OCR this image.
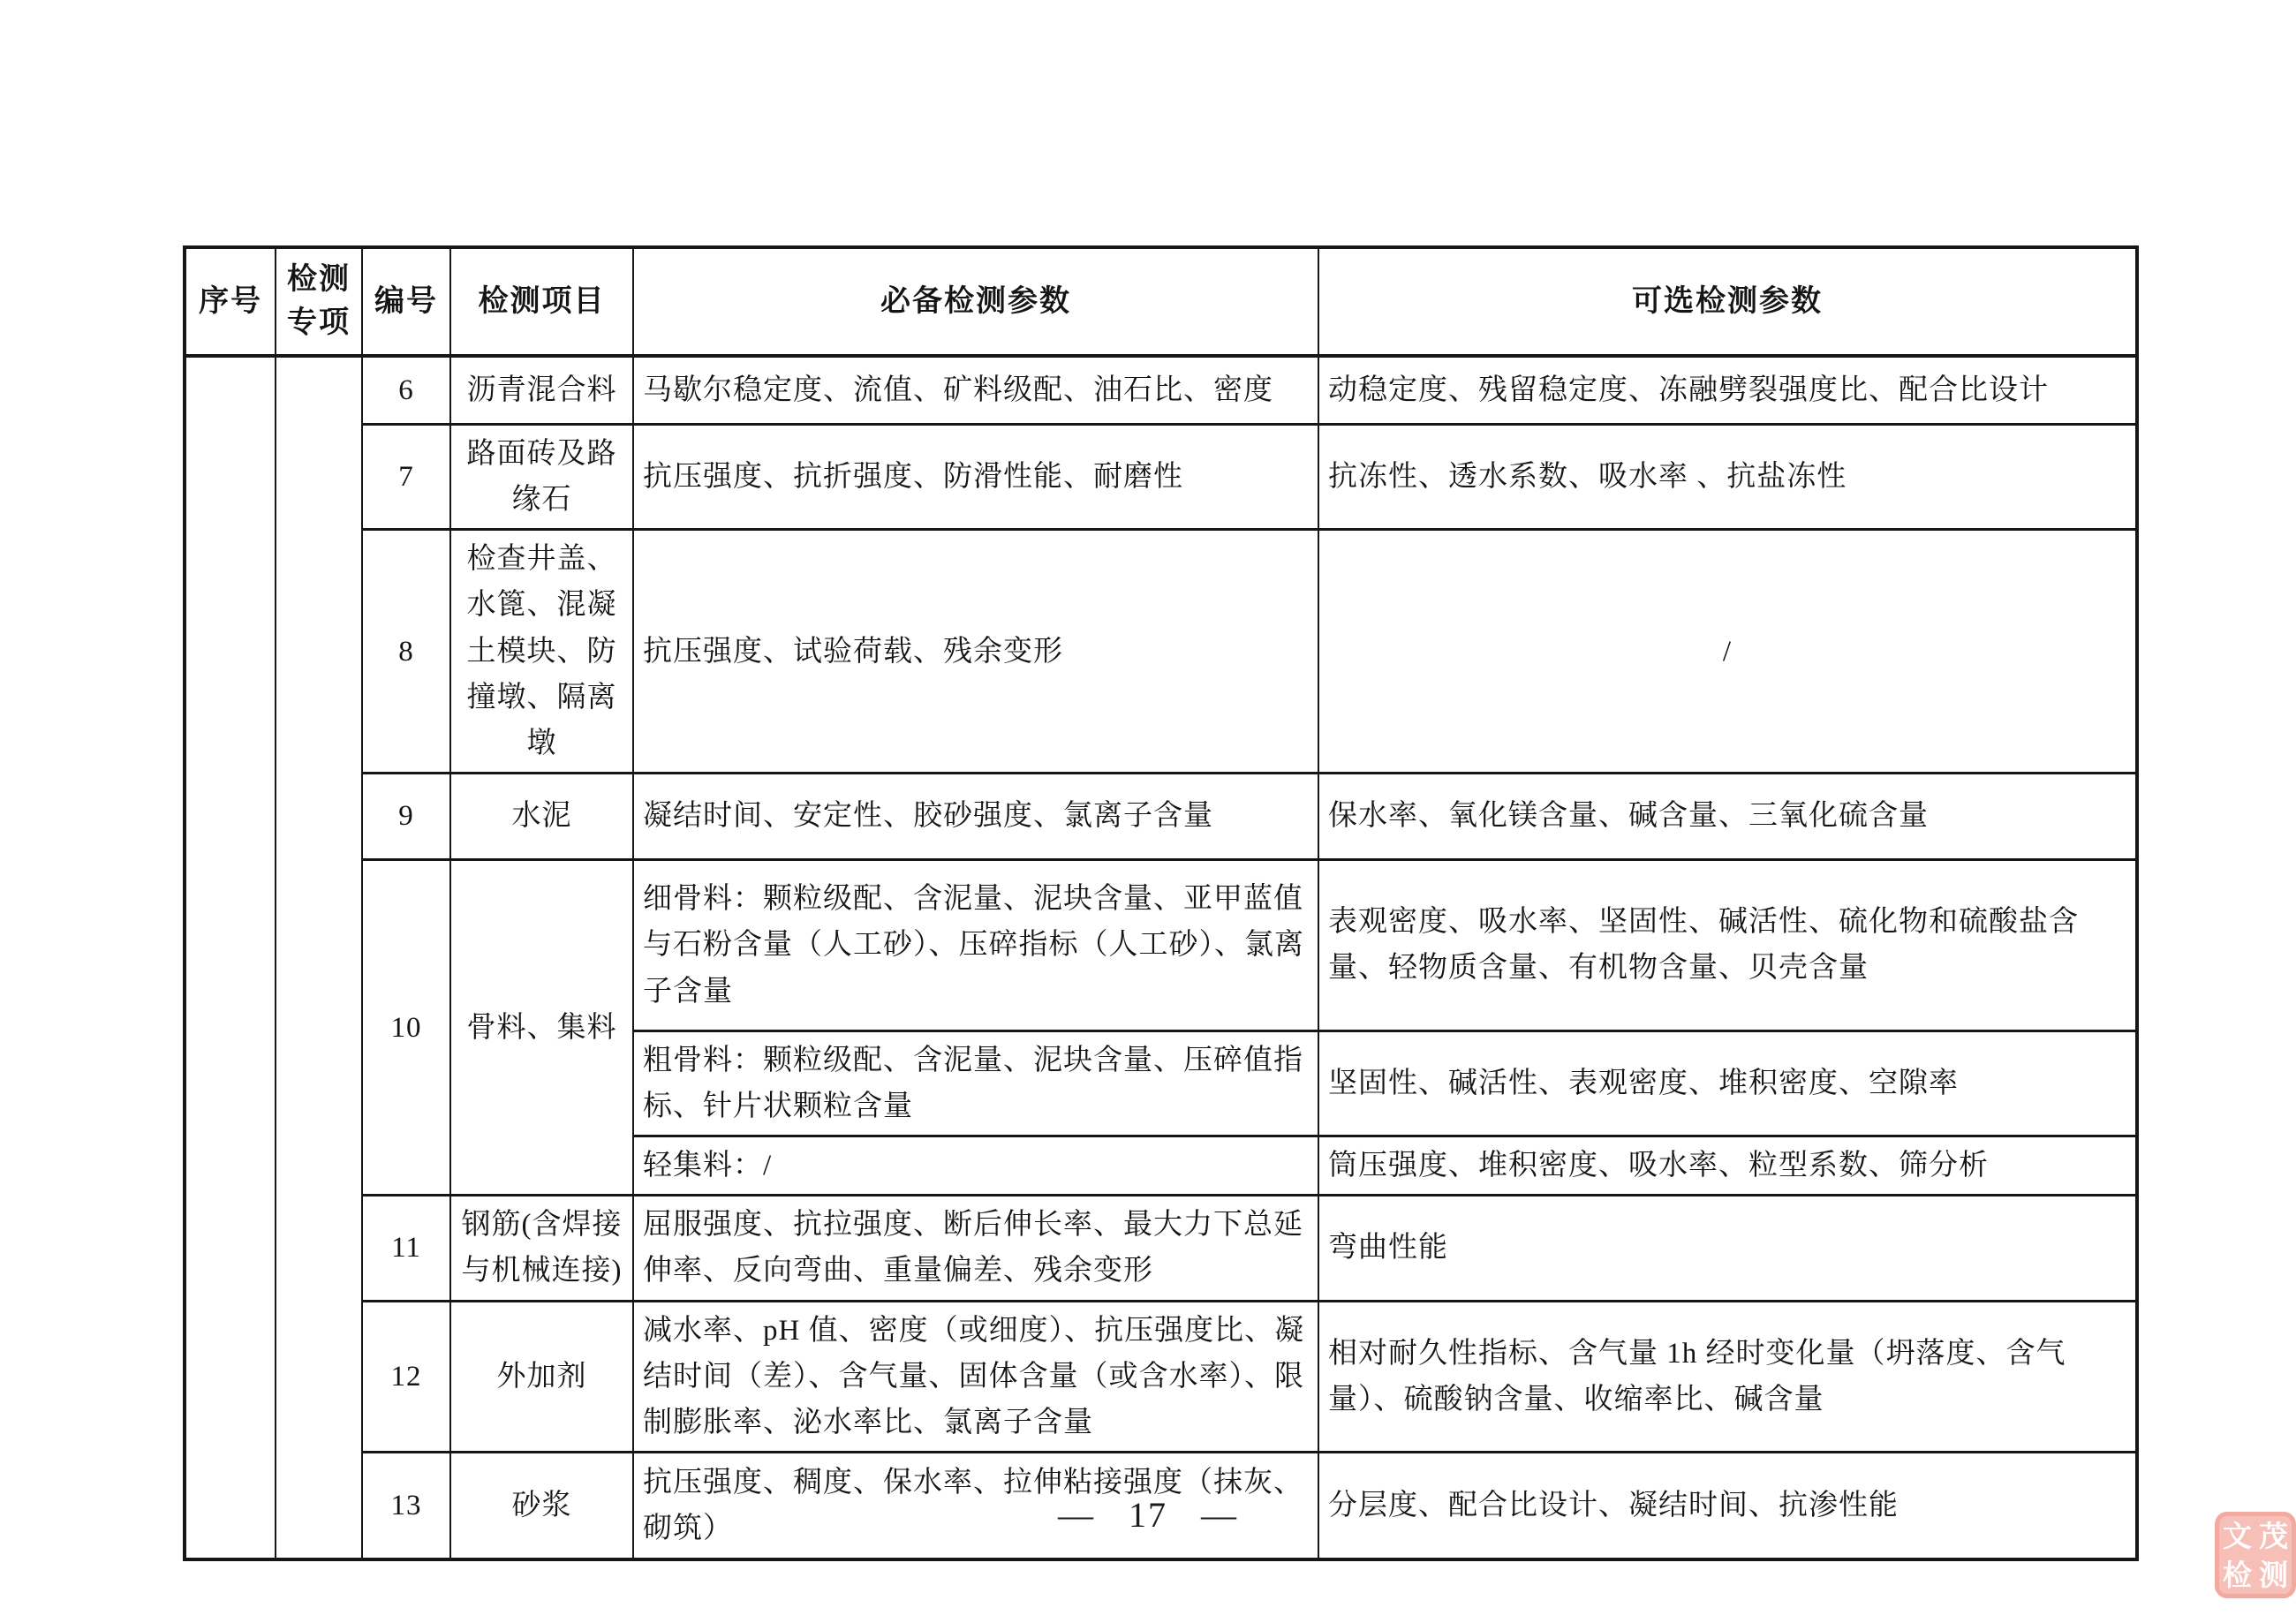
序号	检测专项	编号	检测项目	必备检测参数	可选检测参数
		6	沥青混合料	马歇尔稳定度、流值、矿料级配、油石比、密度	动稳定度、残留稳定度、冻融劈裂强度比、配合比设计
		7	路面砖及路缘石	抗压强度、抗折强度、防滑性能、耐磨性	抗冻性、透水系数、吸水率 、抗盐冻性
		8	检查井盖、水篦、混凝土模块、防撞墩、隔离墩	抗压强度、试验荷载、残余变形	/
		9	水泥	凝结时间、安定性、胶砂强度、氯离子含量	保水率、氧化镁含量、碱含量、三氧化硫含量
		10	骨料、集料	细骨料：颗粒级配、含泥量、泥块含量、亚甲蓝值与石粉含量（人工砂）、压碎指标（人工砂）、氯离子含量	表观密度、吸水率、坚固性、碱活性、硫化物和硫酸盐含量、轻物质含量、有机物含量、贝壳含量
				粗骨料：颗粒级配、含泥量、泥块含量、压碎值指标、针片状颗粒含量	坚固性、碱活性、表观密度、堆积密度、空隙率
				轻集料：/	筒压强度、堆积密度、吸水率、粒型系数、筛分析
		11	钢筋(含焊接与机械连接)	屈服强度、抗拉强度、断后伸长率、最大力下总延伸率、反向弯曲、重量偏差、残余变形	弯曲性能
		12	外加剂	减水率、pH 值、密度（或细度）、抗压强度比、凝结时间（差）、含气量、固体含量（或含水率）、限制膨胀率、泌水率比、氯离子含量	相对耐久性指标、含气量 1h 经时变化量（坍落度、含气量）、硫酸钠含量、收缩率比、碱含量
		13	砂浆	抗压强度、稠度、保水率、拉伸粘接强度（抹灰、砌筑）	分层度、配合比设计、凝结时间、抗渗性能
— 17 —
文 茂
检 测
